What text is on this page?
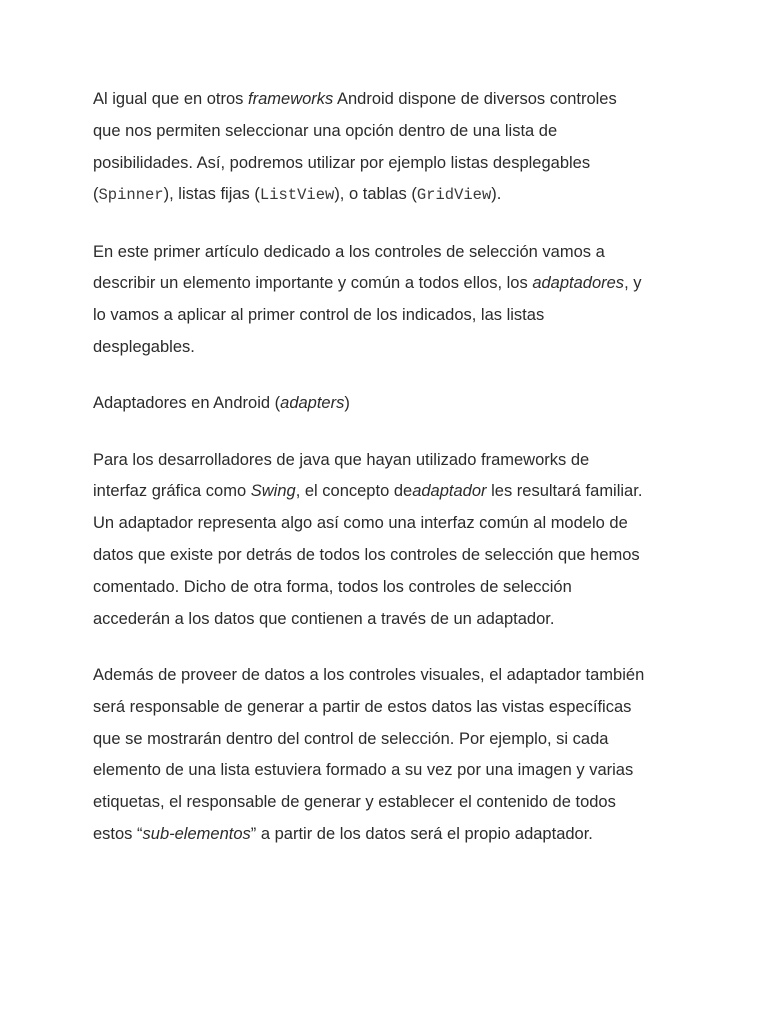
Al igual que en otros frameworks Android dispone de diversos controles
que nos permiten seleccionar una opción dentro de una lista de
posibilidades. Así, podremos utilizar por ejemplo listas desplegables
(Spinner), listas fijas (ListView), o tablas (GridView).

En este primer artículo dedicado a los controles de selección vamos a
describir un elemento importante y común a todos ellos, los adaptadores, y
lo vamos a aplicar al primer control de los indicados, las listas
desplegables.

Adaptadores en Android (adapters)

Para los desarrolladores de java que hayan utilizado frameworks de
interfaz gráfica como Swing, el concepto deadaptador les resultará familiar.
Un adaptador representa algo así como una interfaz común al modelo de
datos que existe por detrás de todos los controles de selección que hemos
comentado. Dicho de otra forma, todos los controles de selección
accederán a los datos que contienen a través de un adaptador.

Además de proveer de datos a los controles visuales, el adaptador también
será responsable de generar a partir de estos datos las vistas específicas
que se mostrarán dentro del control de selección. Por ejemplo, si cada
elemento de una lista estuviera formado a su vez por una imagen y varias
etiquetas, el responsable de generar y establecer el contenido de todos
estos “sub-elementos” a partir de los datos será el propio adaptador.
